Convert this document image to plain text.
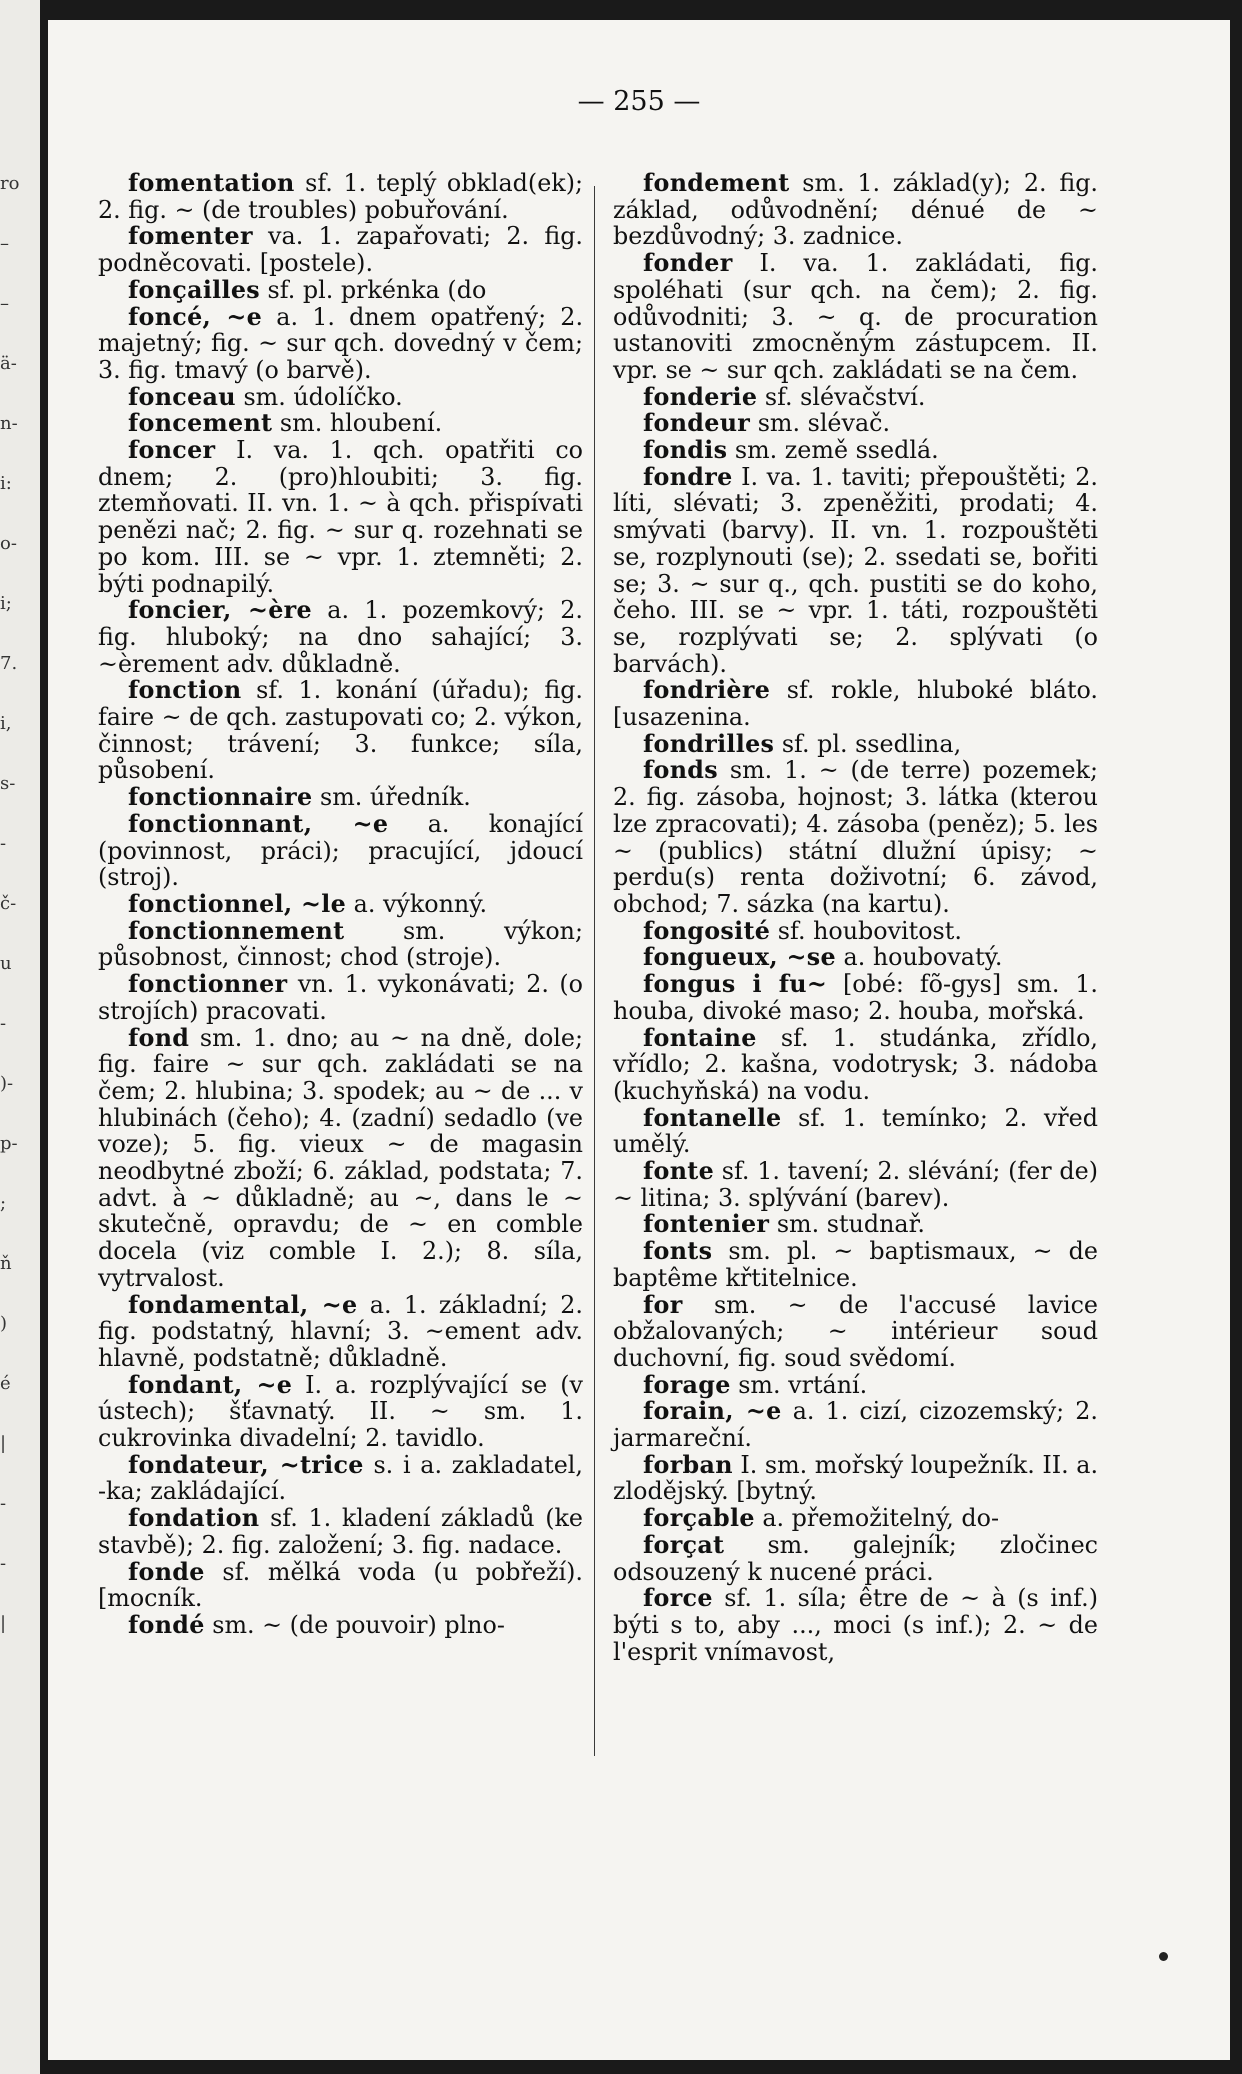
ro
–
–
ä-
n-
i:
o-
i;
7.
i,
s-
-
č-
u
-
)-
p-
;
ň
)
é
|
-
-
|
— 255 —

fomentation sf. 1. teplý obklad(ek); 2. fig. ~ (de troubles) pobuřování.

fomenter va. 1. zapařovati; 2. fig. podněcovati. [postele).

fonçailles sf. pl. prkénka (do

foncé, ~e a. 1. dnem opatřený; 2. majetný; fig. ~ sur qch. dovedný v čem; 3. fig. tmavý (o barvě).

fonceau sm. údolíčko.

foncement sm. hloubení.

foncer I. va. 1. qch. opatřiti co dnem; 2. (pro)hloubiti; 3. fig. ztemňovati. II. vn. 1. ~ à qch. přispívati penězi nač; 2. fig. ~ sur q. rozehnati se po kom. III. se ~ vpr. 1. ztemněti; 2. býti podnapilý.

foncier, ~ère a. 1. pozemkový; 2. fig. hluboký; na dno sahající; 3. ~èrement adv. důkladně.

fonction sf. 1. konání (úřadu); fig. faire ~ de qch. zastupovati co; 2. výkon, činnost; trávení; 3. funkce; síla, působení.

fonctionnaire sm. úředník.

fonctionnant, ~e a. konající (povinnost, práci); pracující, jdoucí (stroj).

fonctionnel, ~le a. výkonný.

fonctionnement sm. výkon; působnost, činnost; chod (stroje).

fonctionner vn. 1. vykonávati; 2. (o strojích) pracovati.

fond sm. 1. dno; au ~ na dně, dole; fig. faire ~ sur qch. zakládati se na čem; 2. hlubina; 3. spodek; au ~ de ... v hlubinách (čeho); 4. (zadní) sedadlo (ve voze); 5. fig. vieux ~ de magasin neodbytné zboží; 6. základ, podstata; 7. advt. à ~ důkladně; au ~, dans le ~ skutečně, opravdu; de ~ en comble docela (viz comble I. 2.); 8. síla, vytrvalost.

fondamental, ~e a. 1. základní; 2. fig. podstatný, hlavní; 3. ~ement adv. hlavně, podstatně; důkladně.

fondant, ~e I. a. rozplývající se (v ústech); šťavnatý. II. ~ sm. 1. cukrovinka divadelní; 2. tavidlo.

fondateur, ~trice s. i a. zakladatel, -ka; zakládající.

fondation sf. 1. kladení základů (ke stavbě); 2. fig. založení; 3. fig. nadace.

fonde sf. mělká voda (u pobřeží). [mocník.

fondé sm. ~ (de pouvoir) plno-

fondement sm. 1. základ(y); 2. fig. základ, odůvodnění; dénué de ~ bezdůvodný; 3. zadnice.

fonder I. va. 1. zakládati, fig. spoléhati (sur qch. na čem); 2. fig. odůvodniti; 3. ~ q. de procuration ustanoviti zmocněným zástupcem. II. vpr. se ~ sur qch. zakládati se na čem.

fonderie sf. slévačství.

fondeur sm. slévač.

fondis sm. země ssedlá.

fondre I. va. 1. taviti; přepouštěti; 2. líti, slévati; 3. zpeněžiti, prodati; 4. smývati (barvy). II. vn. 1. rozpouštěti se, rozplynouti (se); 2. ssedati se, bořiti se; 3. ~ sur q., qch. pustiti se do koho, čeho. III. se ~ vpr. 1. táti, rozpouštěti se, rozplývati se; 2. splývati (o barvách).

fondrière sf. rokle, hluboké bláto. [usazenina.

fondrilles sf. pl. ssedlina,

fonds sm. 1. ~ (de terre) pozemek; 2. fig. zásoba, hojnost; 3. látka (kterou lze zpracovati); 4. zásoba (peněz); 5. les ~ (publics) státní dlužní úpisy; ~ perdu(s) renta doživotní; 6. závod, obchod; 7. sázka (na kartu).

fongosité sf. houbovitost.

fongueux, ~se a. houbovatý.

fongus i fu~ [obé: fõ-gys] sm. 1. houba, divoké maso; 2. houba, mořská.

fontaine sf. 1. studánka, zřídlo, vřídlo; 2. kašna, vodotrysk; 3. nádoba (kuchyňská) na vodu.

fontanelle sf. 1. temínko; 2. vřed umělý.

fonte sf. 1. tavení; 2. slévání; (fer de) ~ litina; 3. splývání (barev).

fontenier sm. studnař.

fonts sm. pl. ~ baptismaux, ~ de baptême křtitelnice.

for sm. ~ de l'accusé lavice obžalovaných; ~ intérieur soud duchovní, fig. soud svědomí.

forage sm. vrtání.

forain, ~e a. 1. cizí, cizozemský; 2. jarmareční.

forban I. sm. mořský loupežník. II. a. zlodějský. [bytný.

forçable a. přemožitelný, do-

forçat sm. galejník; zločinec odsouzený k nucené práci.

force sf. 1. síla; être de ~ à (s inf.) býti s to, aby ..., moci (s inf.); 2. ~ de l'esprit vnímavost,
